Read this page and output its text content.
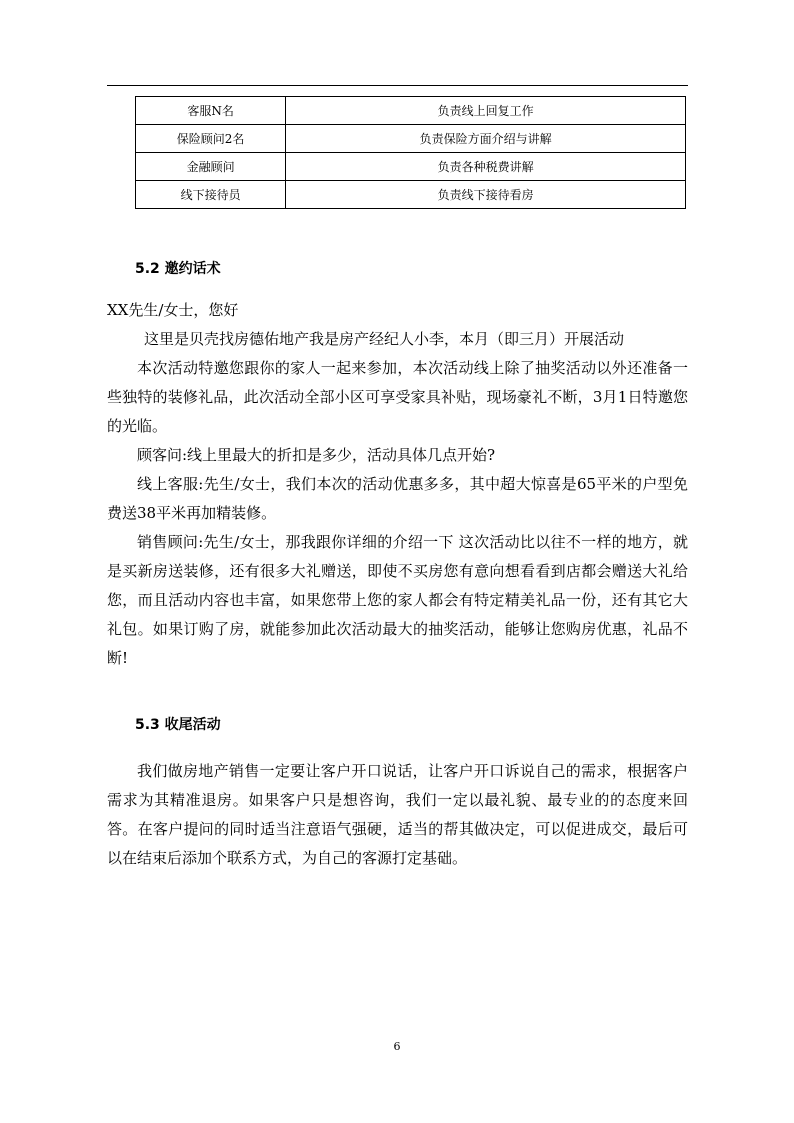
客服N名	负责线上回复工作
保险顾问2名	负责保险方面介绍与讲解
金融顾问	负责各种税费讲解
线下接待员	负责线下接待看房
5.2 邀约话术

XX先生/女士，您好

这里是贝壳找房德佑地产我是房产经纪人小李，本月（即三月）开展活动

本次活动特邀您跟你的家人一起来参加，本次活动线上除了抽奖活动以外还准备一些独特的装修礼品，此次活动全部小区可享受家具补贴，现场豪礼不断，3月1日特邀您的光临。

顾客问:线上里最大的折扣是多少，活动具体几点开始?

线上客服:先生/女士，我们本次的活动优惠多多，其中超大惊喜是65平米的户型免费送38平米再加精装修。

销售顾问:先生/女士，那我跟你详细的介绍一下 这次活动比以往不一样的地方，就是买新房送装修，还有很多大礼赠送，即使不买房您有意向想看看到店都会赠送大礼给您，而且活动内容也丰富，如果您带上您的家人都会有特定精美礼品一份，还有其它大礼包。如果订购了房，就能参加此次活动最大的抽奖活动，能够让您购房优惠，礼品不断!

5.3 收尾活动

我们做房地产销售一定要让客户开口说话，让客户开口诉说自己的需求，根据客户需求为其精准退房。如果客户只是想咨询，我们一定以最礼貌、最专业的的态度来回答。在客户提问的同时适当注意语气强硬，适当的帮其做决定，可以促进成交，最后可以在结束后添加个联系方式，为自己的客源打定基础。

6
